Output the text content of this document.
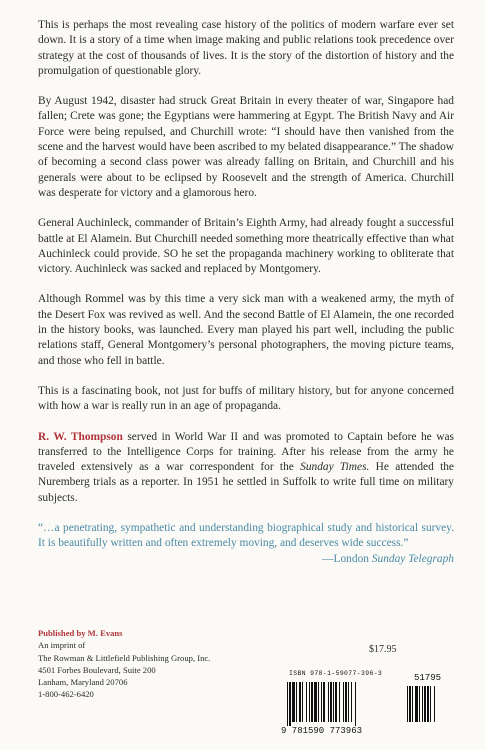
This is perhaps the most revealing case history of the politics of modern warfare ever set down. It is a story of a time when image making and public relations took precedence over strategy at the cost of thousands of lives. It is the story of the distortion of history and the promulgation of questionable glory.

By August 1942, disaster had struck Great Britain in every theater of war, Singapore had fallen; Crete was gone; the Egyptians were hammering at Egypt. The British Navy and Air Force were being repulsed, and Churchill wrote: “I should have then vanished from the scene and the harvest would have been ascribed to my belated disappearance.” The shadow of becoming a second class power was already falling on Britain, and Churchill and his generals were about to be eclipsed by Roosevelt and the strength of America. Churchill was desperate for victory and a glamorous hero.

General Auchinleck, commander of Britain’s Eighth Army, had already fought a successful battle at El Alamein. But Churchill needed something more theatrically effective than what Auchinleck could provide. SO he set the propaganda machinery working to obliterate that victory. Auchinleck was sacked and replaced by Montgomery.

Although Rommel was by this time a very sick man with a weakened army, the myth of the Desert Fox was revived as well. And the second Battle of El Alamein, the one recorded in the history books, was launched. Every man played his part well, including the public relations staff, General Montgomery’s personal photographers, the moving picture teams, and those who fell in battle.

This is a fascinating book, not just for buffs of military history, but for anyone concerned with how a war is really run in an age of propaganda.

R. W. Thompson served in World War II and was promoted to Captain before he was transferred to the Intelligence Corps for training. After his release from the army he traveled extensively as a war correspondent for the Sunday Times. He attended the Nuremberg trials as a reporter. In 1951 he settled in Suffolk to write full time on military subjects.

“…a penetrating, sympathetic and understanding biographical study and historical survey. It is beautifully written and often extremely moving, and deserves wide success.”

—London Sunday Telegraph
Published by M. Evans
An imprint of
The Rowman & Littlefield Publishing Group, Inc.
4501 Forbes Boulevard, Suite 200
Lanham, Maryland 20706
1-800-462-6420
$17.95
ISBN 978-1-59077-396-3	51795
9 781590 773963
